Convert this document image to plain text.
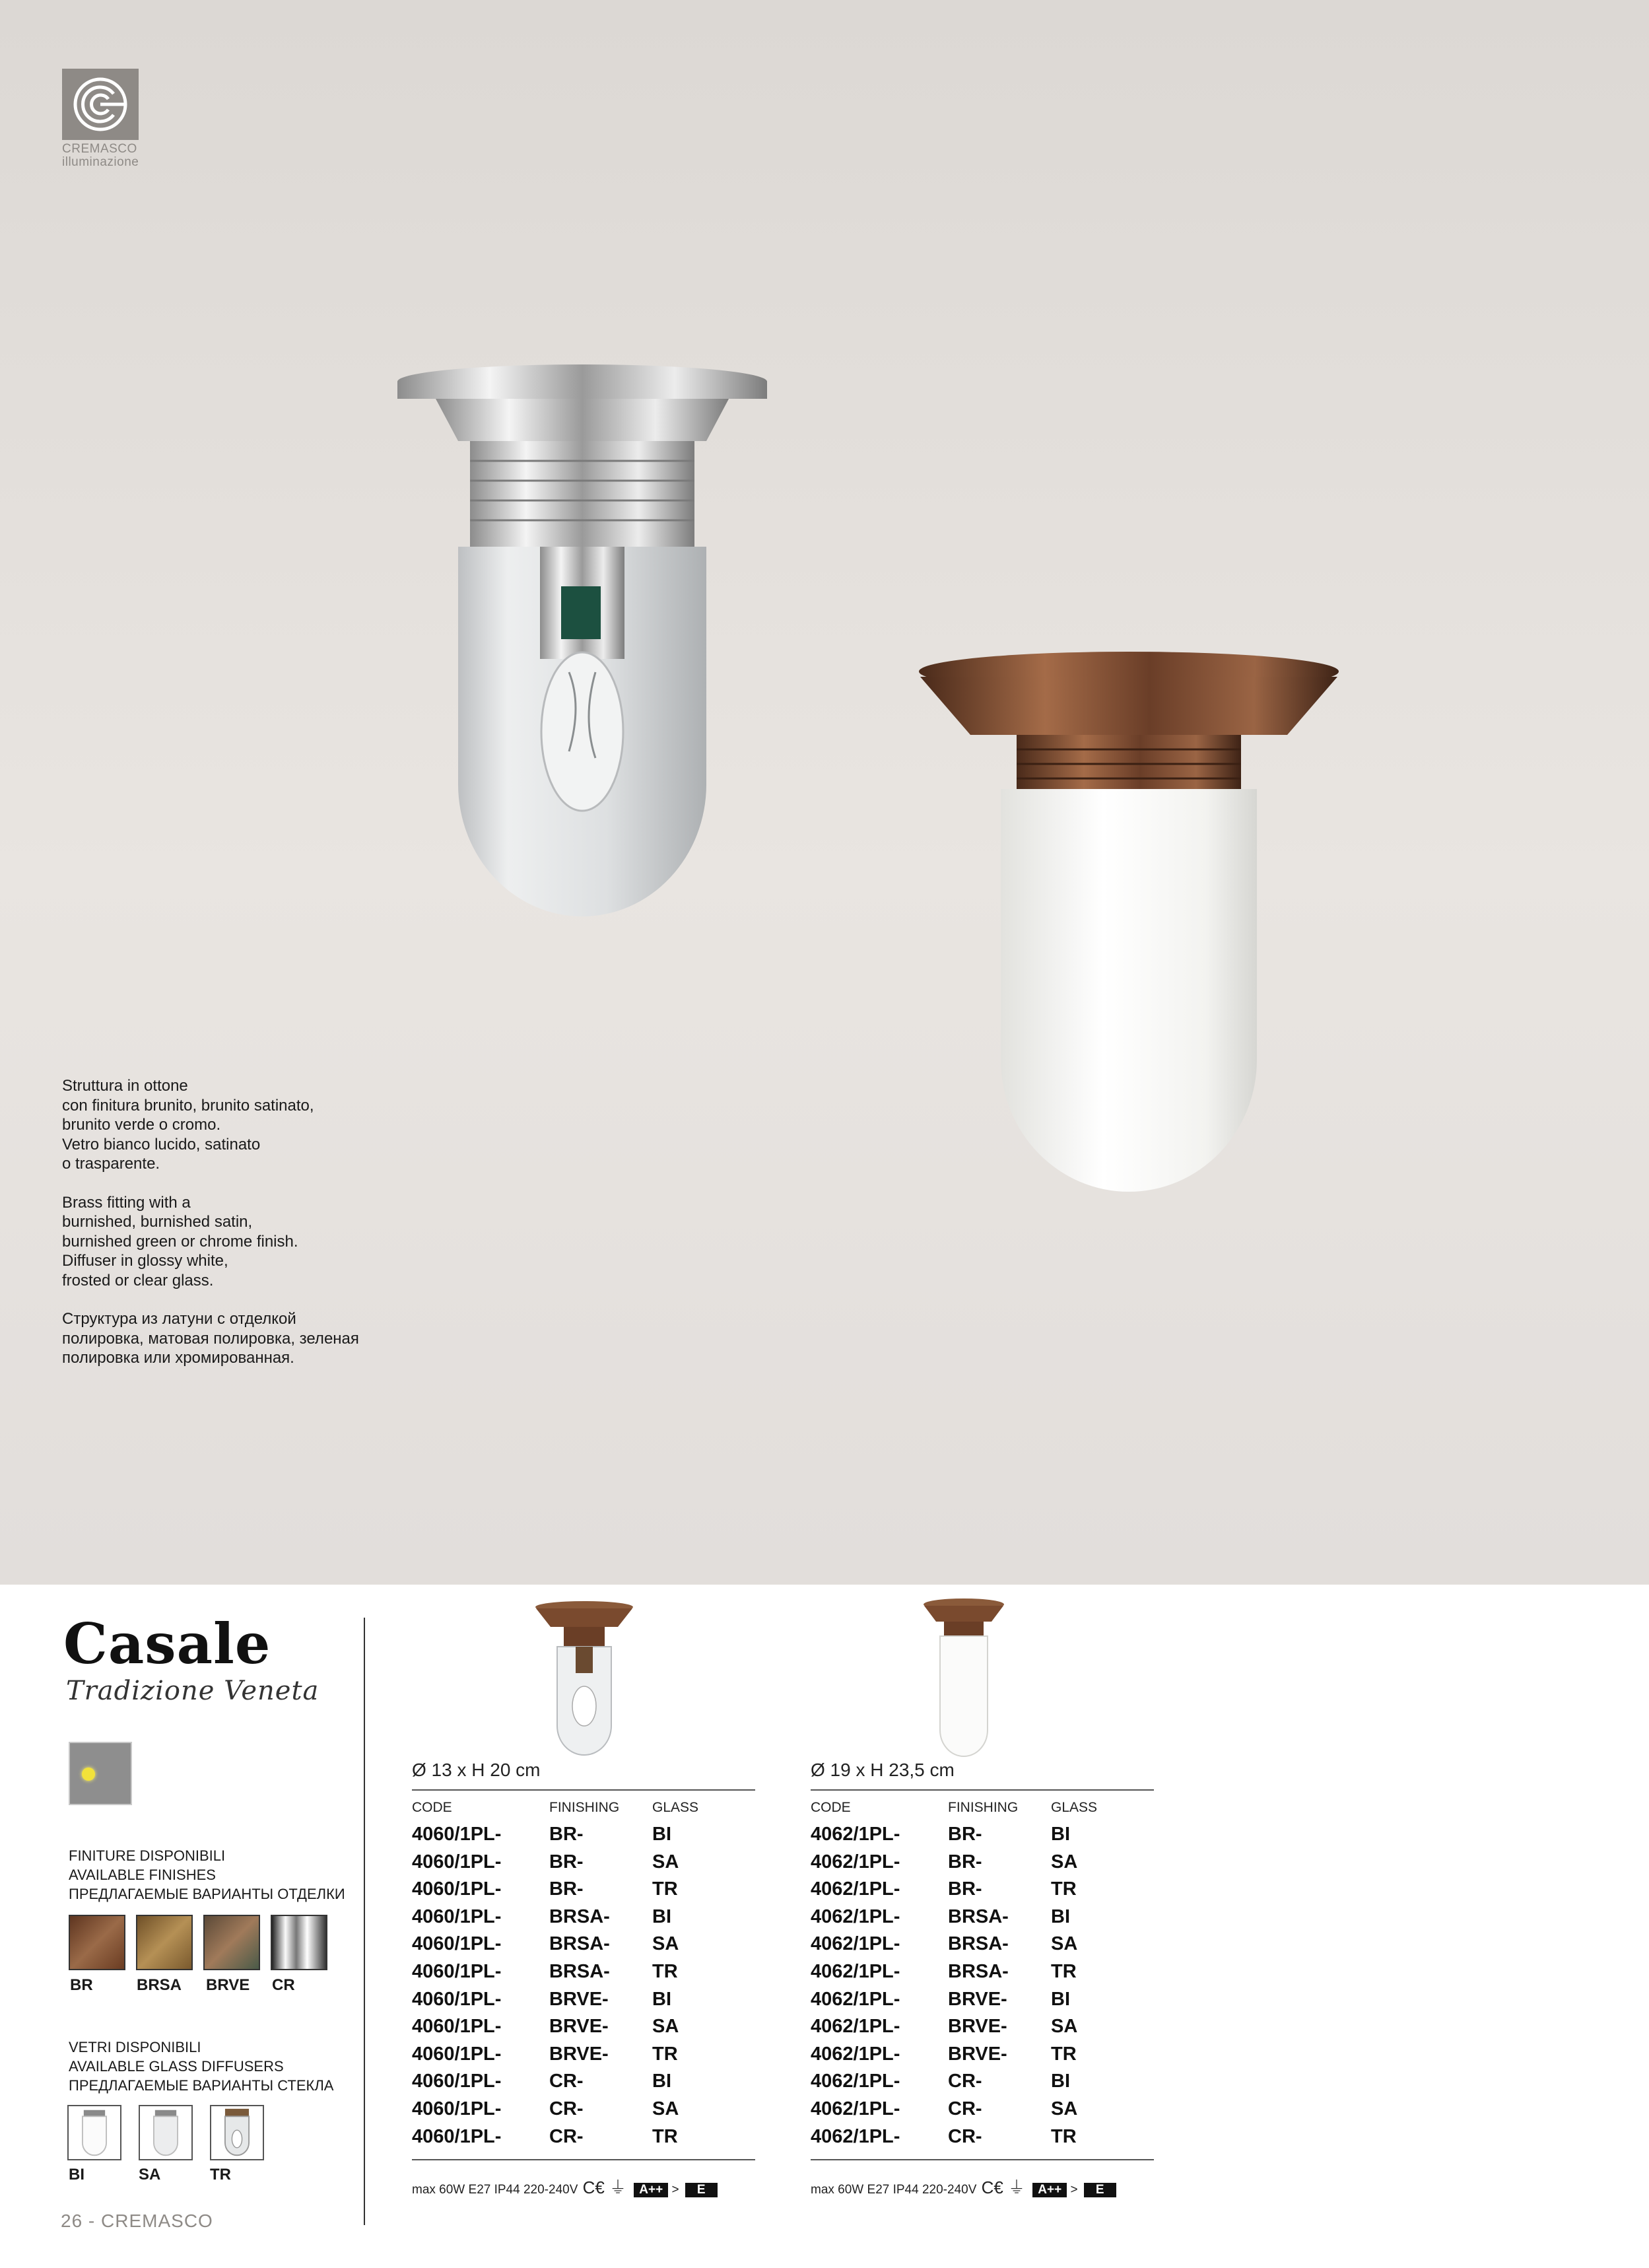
CREMASCO
illuminazione

Struttura in ottone
con finitura brunito, brunito satinato,
brunito verde o cromo.
Vetro bianco lucido, satinato
o trasparente.

Brass fitting with a
burnished, burnished satin,
burnished green or chrome finish.
Diffuser in glossy white,
frosted or clear glass.

Структура из латуни с отделкой
полировка, матовая полировка, зеленая
полировка или хромированная.

Casale
Tradizione Veneta
FINITURE DISPONIBILI
AVAILABLE FINISHES
ПРЕДЛАГАЕМЫЕ ВАРИАНТЫ ОТДЕЛКИ
BR	BRSA BRVE CR
VETRI DISPONIBILI
AVAILABLE GLASS DIFFUSERS
ПРЕДЛАГАЕМЫЕ ВАРИАНТЫ СТЕКЛА
BI	SA	TR
Ø 13 x H 20 cm
CODE	FINISHING GLASS
4060/1PL-	BR-	BI
4060/1PL-	BR-	SA
4060/1PL-	BR-	TR
4060/1PL-	BRSA- BI
4060/1PL-	BRSA- SA
4060/1PL-	BRSA- TR
4060/1PL-	BRVE- BI
4060/1PL-	BRVE- SA
4060/1PL-	BRVE- TR
4060/1PL-	CR-	BI
4060/1PL-	CR-	SA
4060/1PL-	CR-	TR
max 60W E27 IP44 220-240V C€ ⏚ A++ > E
Ø 19 x H 23,5 cm
CODE	FINISHING GLASS
4062/1PL-	BR-	BI
4062/1PL-	BR-	SA
4062/1PL-	BR-	TR
4062/1PL-	BRSA- BI
4062/1PL-	BRSA- SA
4062/1PL-	BRSA- TR
4062/1PL-	BRVE- BI
4062/1PL-	BRVE- SA
4062/1PL-	BRVE- TR
4062/1PL-	CR-	BI
4062/1PL-	CR-	SA
4062/1PL-	CR-	TR
max 60W E27 IP44 220-240V C€ ⏚ A++ > E
26 - CREMASCO
